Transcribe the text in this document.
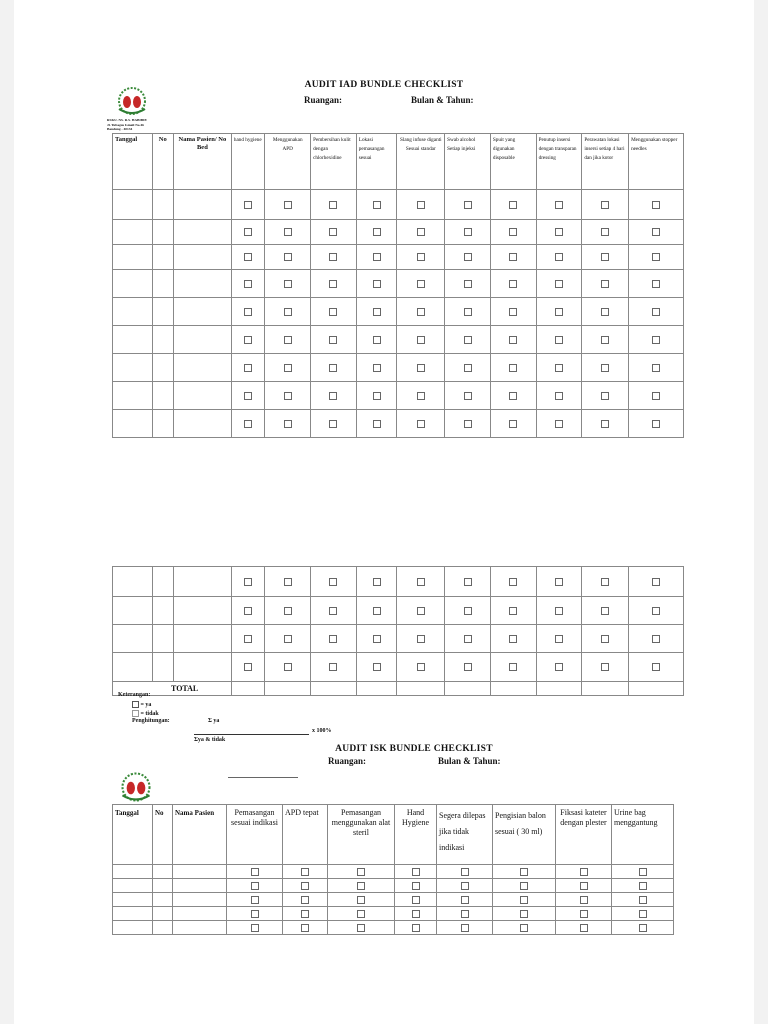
AUDIT IAD BUNDLE CHECKLIST
Ruangan:	Bulan & Tahun:
RSKU. NS. R.S. HABIBIE
Jl. Tubagus Ismail No.46
Bandung - 40134
Tanggal	No	Nama Pasien/ No Bed	hand hygiene	Menggunakan APD	Pembersihan kulit dengan chlorhexidine	Lokasi pemasangan sesuai	Slang infuse diganti Sesuai standar	Swab alcohol Setiap injeksi	Spuit yang digunakan disposable	Penutup insersi dengan transparan dressing	Perawatan lokasi insersi setiap 4 hari dan jika kotor	Menggunakan stopper needles

TOTAL												
Keterangan:
= ya
= tidak
Penghitungan:	Σ ya
x 100%
Σya & tidak
AUDIT ISK BUNDLE CHECKLIST
Ruangan:	Bulan & Tahun:
Tanggal	No	Nama Pasien	Pemasangan sesuai indikasi	APD tepat	Pemasangan menggunakan alat steril	Hand Hygiene	Segera dilepas jika tidak indikasi	Pengisian balon sesuai ( 30 ml)	Fiksasi kateter dengan plester	Urine bag menggantung
